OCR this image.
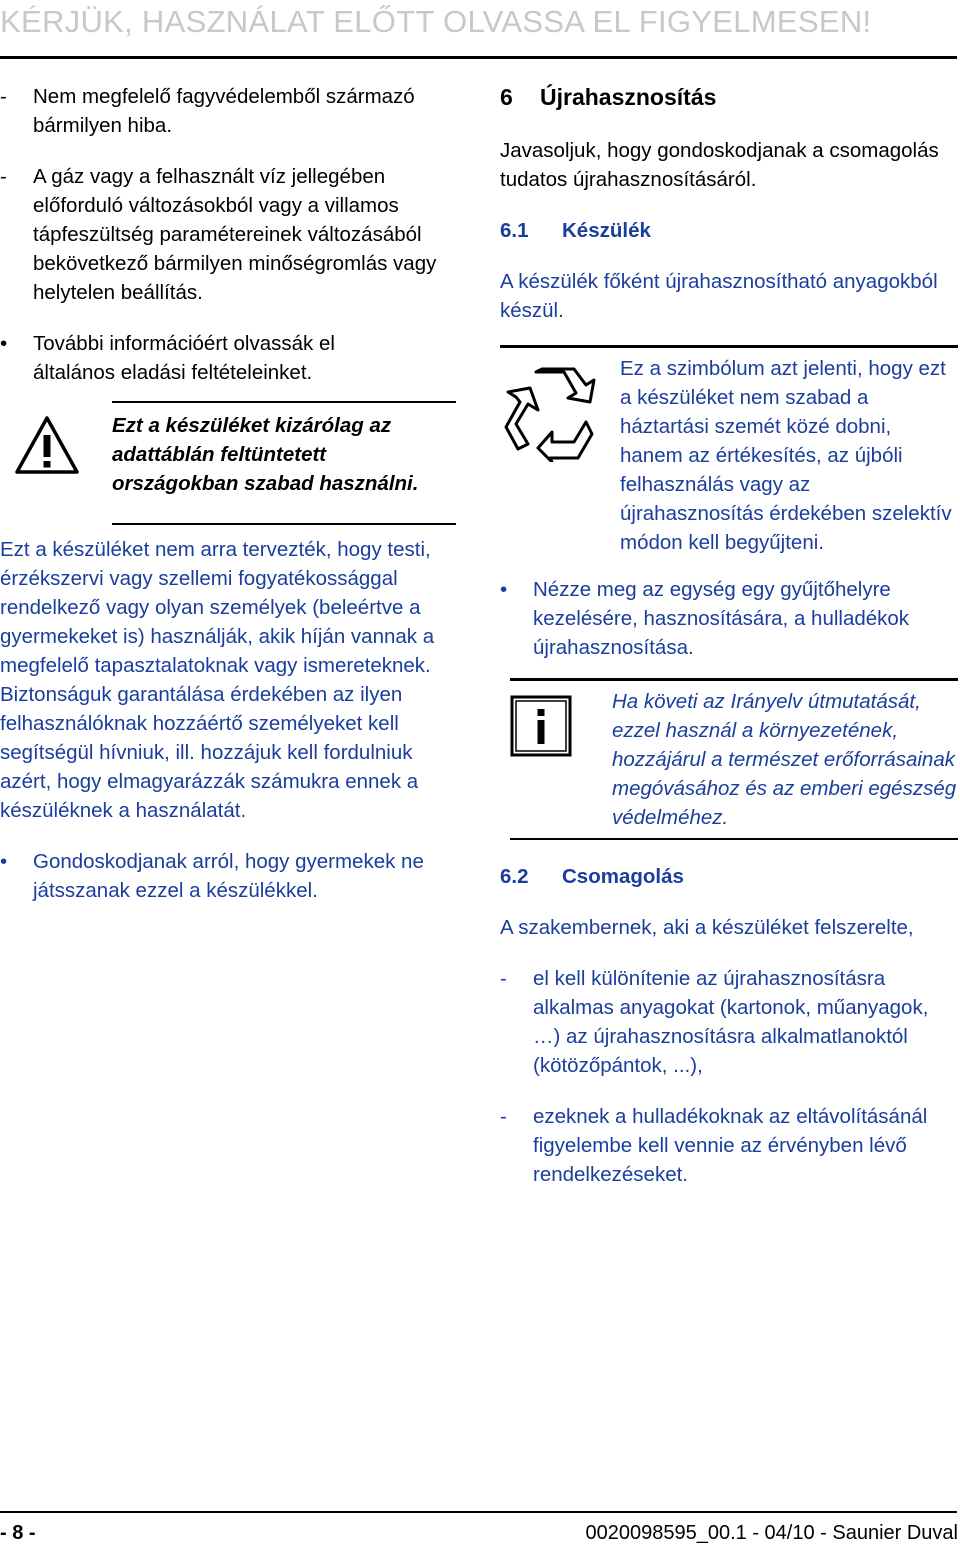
KÉRJÜK, HASZNÁLAT ELŐTT OLVASSA EL FIGYELMESEN!
- Nem megfelelő fagyvédelemből származó bármilyen hiba.
- A gáz vagy a felhasznált víz jellegében előforduló változásokból vagy a villamos tápfeszültség paramétereinek változásából bekövetkező bármilyen minőségromlás vagy helytelen beállítás.
• További információért olvassák el általános eladási feltételeinket.
Ezt a készüléket kizárólag az adattáblán feltüntetett országokban szabad használni.

Ezt a készüléket nem arra tervezték, hogy testi, érzékszervi vagy szellemi fogyatékossággal rendelkező vagy olyan személyek (beleértve a gyermekeket is) használják, akik híján vannak a megfelelő tapasztalatoknak vagy ismereteknek. Biztonságuk garantálása érdekében az ilyen felhasználóknak hozzáértő személyeket kell segítségül hívniuk, ill. hozzájuk kell fordulniuk azért, hogy elmagyarázzák számukra ennek a készüléknek a használatát.

• Gondoskodjanak arról, hogy gyermekek ne játsszanak ezzel a készülékkel.
6	Újrahasznosítás

Javasoljuk, hogy gondoskodjanak a csomagolás tudatos újrahasznosításáról.

6.1	Készülék

A készülék főként újrahasznosítható anyagokból készül.

Ez a szimbólum azt jelenti, hogy ezt a készüléket nem szabad a háztartási szemét közé dobni, hanem az értékesítés, az újbóli felhasználás vagy az újrahasznosítás érdekében szelektív módon kell begyűjteni.
• Nézze meg az egység egy gyűjtőhelyre kezelésére, hasznosítására, a hulladékok újrahasznosítása.
Ha követi az Irányelv útmutatását, ezzel használ a környezetének, hozzájárul a természet erőforrásainak megóvásához és az emberi egészség védelméhez.
6.2	Csomagolás

A szakembernek, aki a készüléket felszerelte,

- el kell különítenie az újrahasznosításra alkalmas anyagokat (kartonok, műanyagok, …) az újrahasznosításra alkalmatlanoktól (kötözőpántok, ...),
- ezeknek a hulladékoknak az eltávolításánál figyelembe kell vennie az érvényben lévő rendelkezéseket.
- 8 -	0020098595_00.1 - 04/10 - Saunier Duval
